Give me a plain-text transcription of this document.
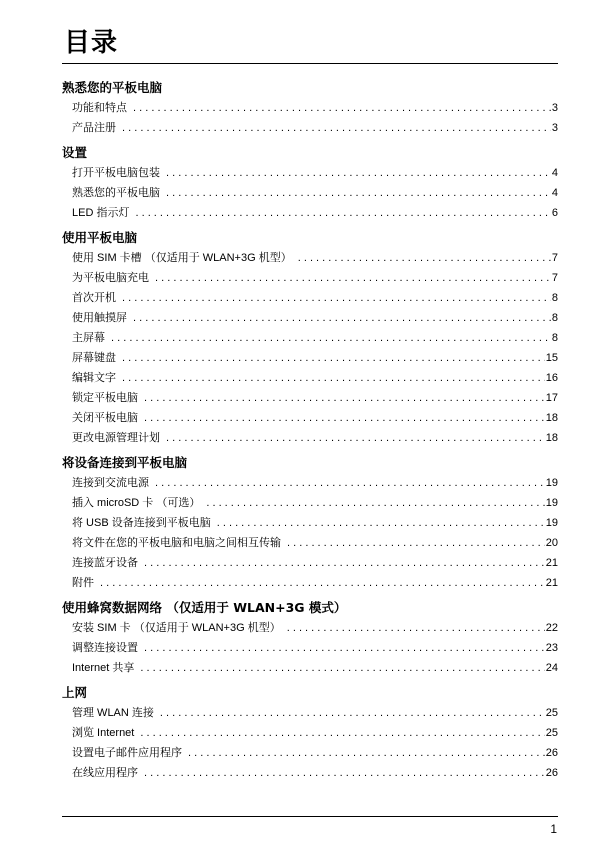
目录
熟悉您的平板电脑
功能和特点 . . .	3
产品注册 . . .	3
设置
打开平板电脑包装 . . .	4
熟悉您的平板电脑 . . .	4
LED 指示灯 . . .	6
使用平板电脑
使用 SIM 卡槽 （仅适用于 WLAN+3G 机型） . . .	7
为平板电脑充电 . . .	7
首次开机 . . .	8
使用触摸屏 . . .	8
主屏幕 . . .	8
屏幕键盘 . . .	15
编辑文字 . . .	16
锁定平板电脑 . . .	17
关闭平板电脑 . . .	18
更改电源管理计划 . . .	18
将设备连接到平板电脑
连接到交流电源 . . .	19
插入 microSD 卡 （可选） . . .	19
将 USB 设备连接到平板电脑 . . .	19
将文件在您的平板电脑和电脑之间相互传输 . . .	20
连接蓝牙设备 . . .	21
附件 . . .	21
使用蜂窝数据网络 （仅适用于 WLAN+3G 模式）
安装 SIM 卡 （仅适用于 WLAN+3G 机型） . . .	22
调整连接设置 . . .	23
Internet 共享 . . .	24
上网
管理 WLAN 连接 . . .	25
浏览 Internet . . .	25
设置电子邮件应用程序 . . .	26
在线应用程序 . . .	26
1
